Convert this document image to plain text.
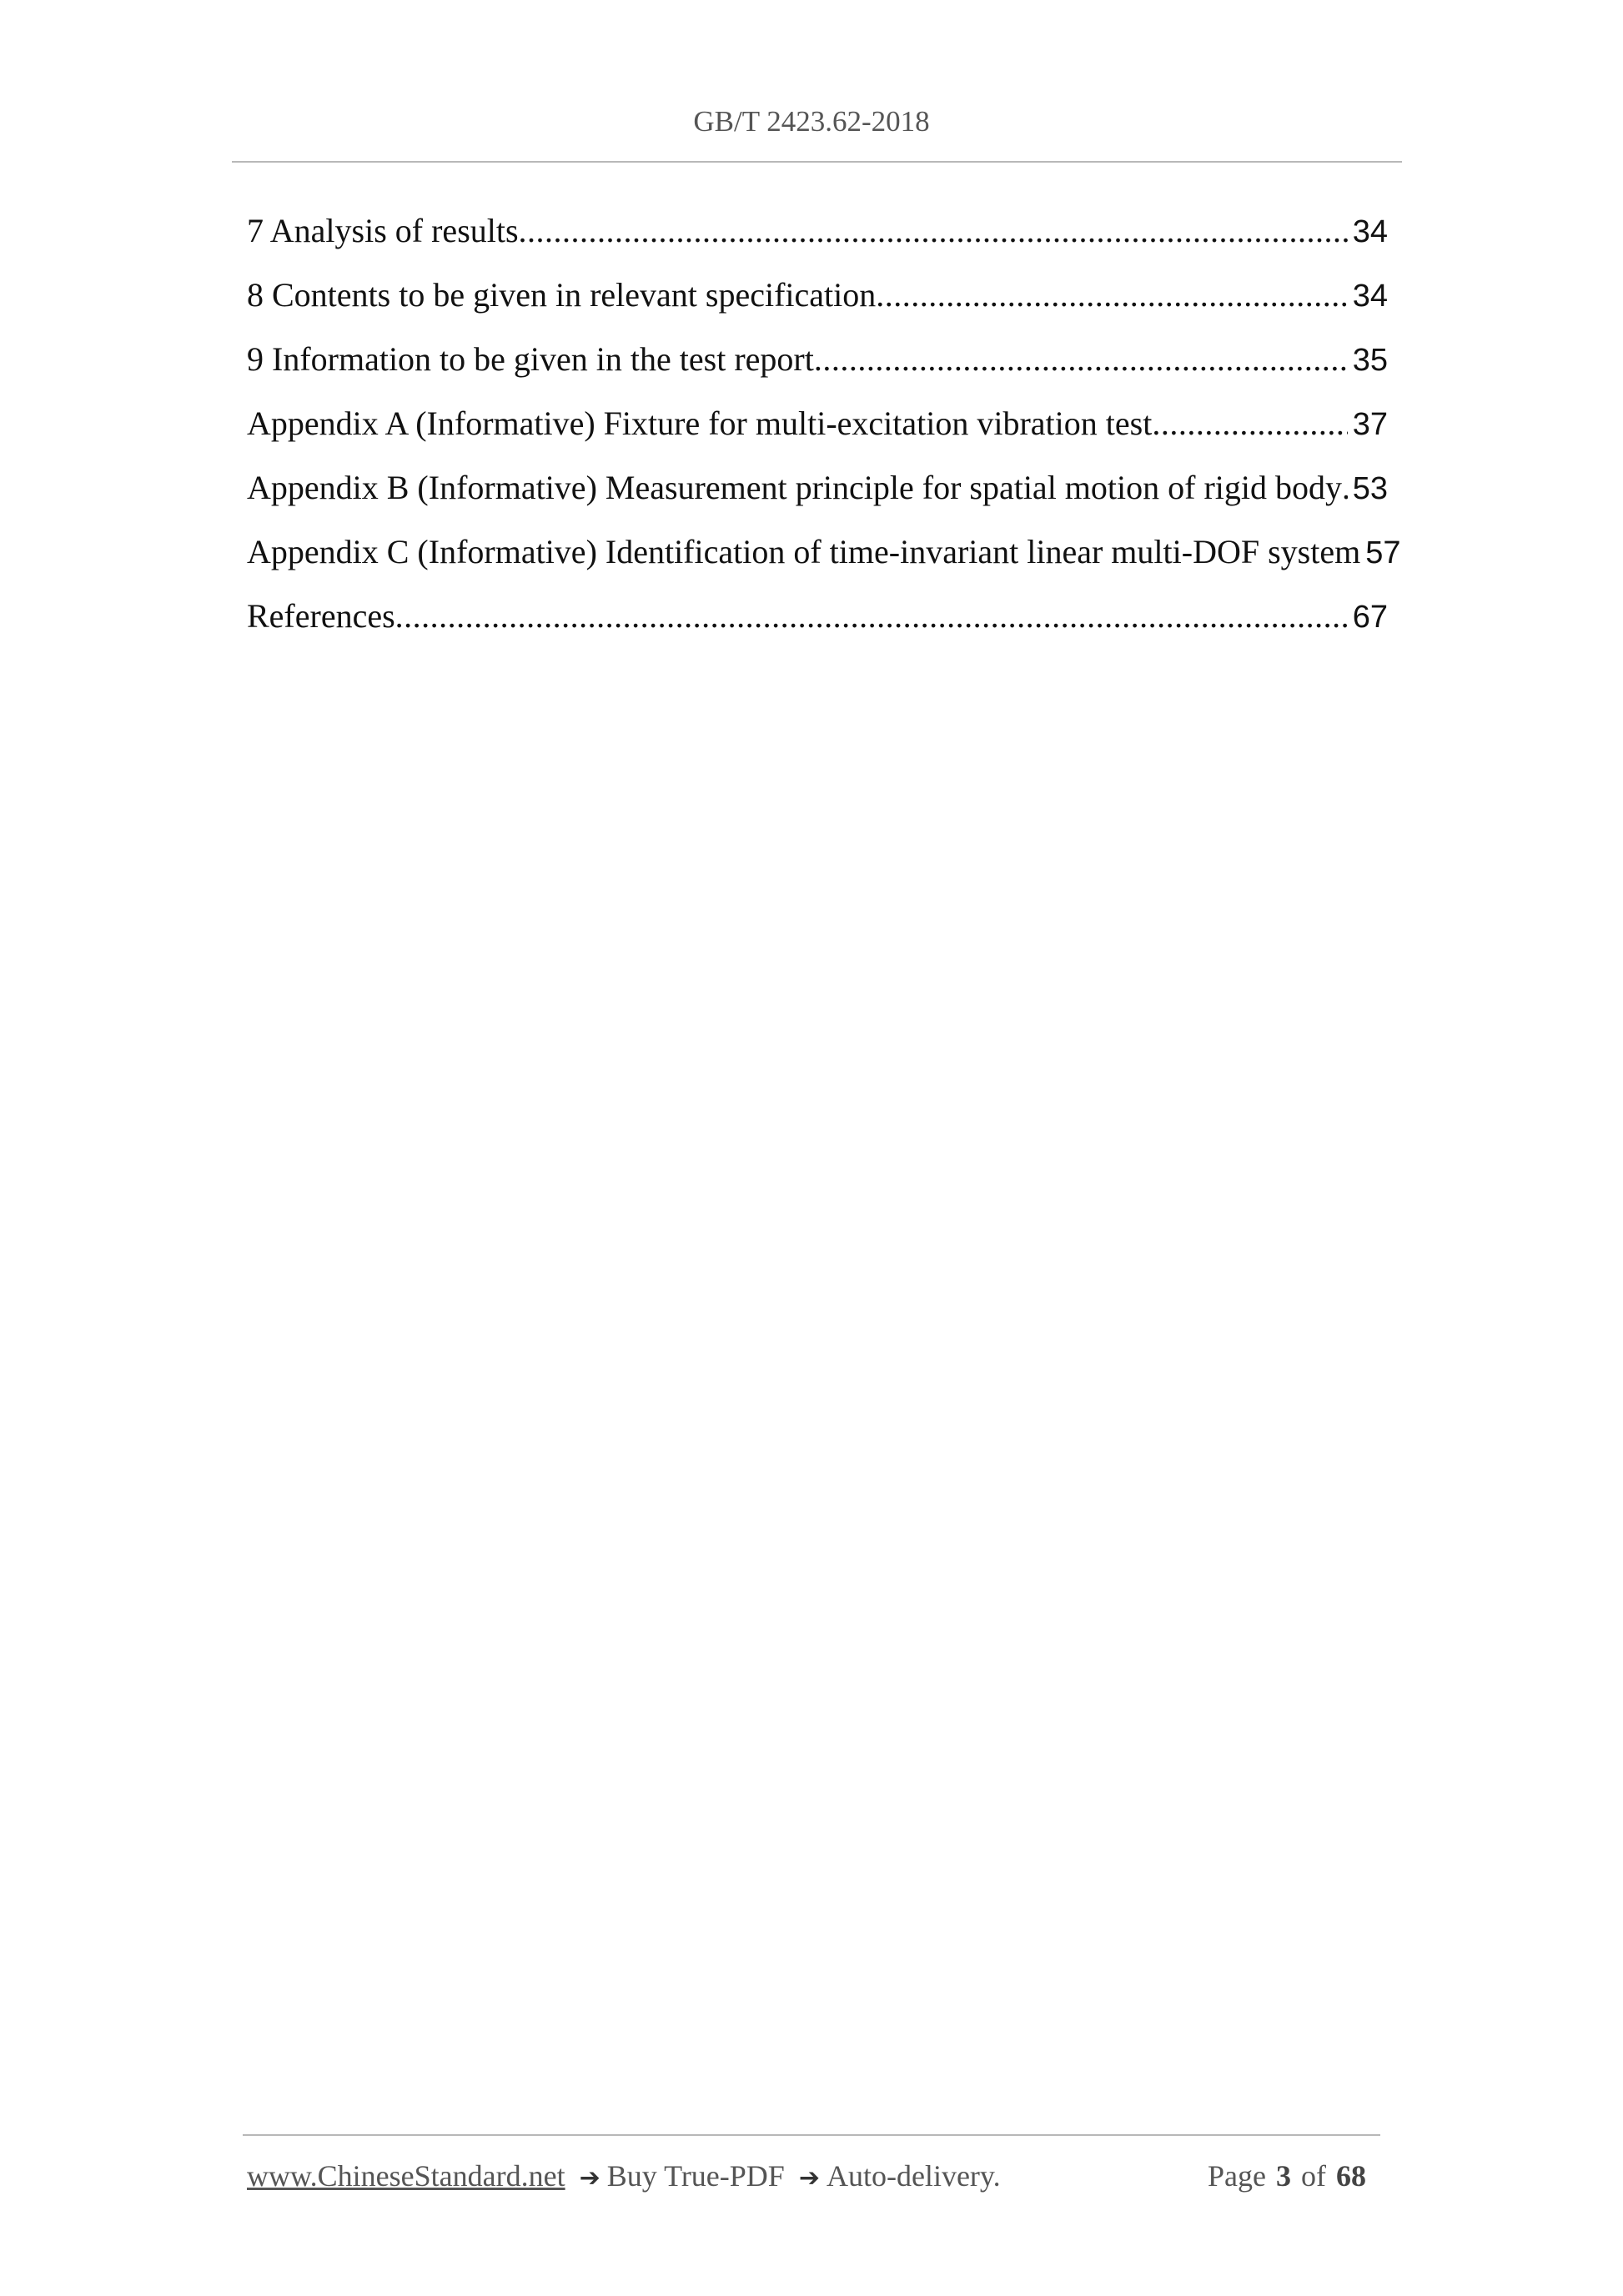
GB/T 2423.62-2018
7 Analysis of results .....	34
8 Contents to be given in relevant specification .....	34
9 Information to be given in the test report .....	35
Appendix A (Informative) Fixture for multi-excitation vibration test .....	37
Appendix B (Informative) Measurement principle for spatial motion of rigid body ..... 53
Appendix C (Informative) Identification of time-invariant linear multi-DOF system 57
References .....	67
www.ChineseStandard.net ➔ Buy True-PDF ➔ Auto-delivery.	Page 3 of 68
